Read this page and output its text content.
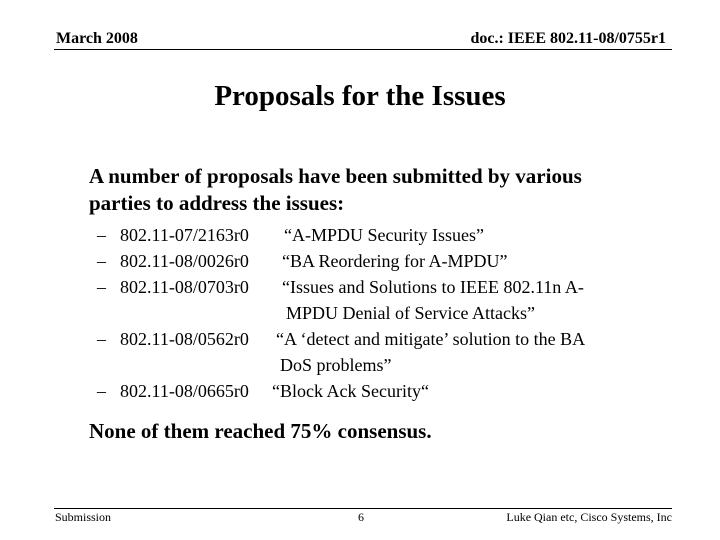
March 2008	doc.: IEEE 802.11-08/0755r1
Proposals for the Issues
A number of proposals have been submitted by various
parties to address the issues:
– 802.11-07/2163r0 “A-MPDU Security Issues”
– 802.11-08/0026r0 “BA Reordering for A-MPDU”
– 802.11-08/0703r0 “Issues and Solutions to IEEE 802.11n A-
MPDU Denial of Service Attacks”
– 802.11-08/0562r0 “A ‘detect and mitigate’ solution to the BA
DoS problems”
– 802.11-08/0665r0 “Block Ack Security“
None of them reached 75% consensus.
Submission	6	Luke Qian etc, Cisco Systems, Inc
